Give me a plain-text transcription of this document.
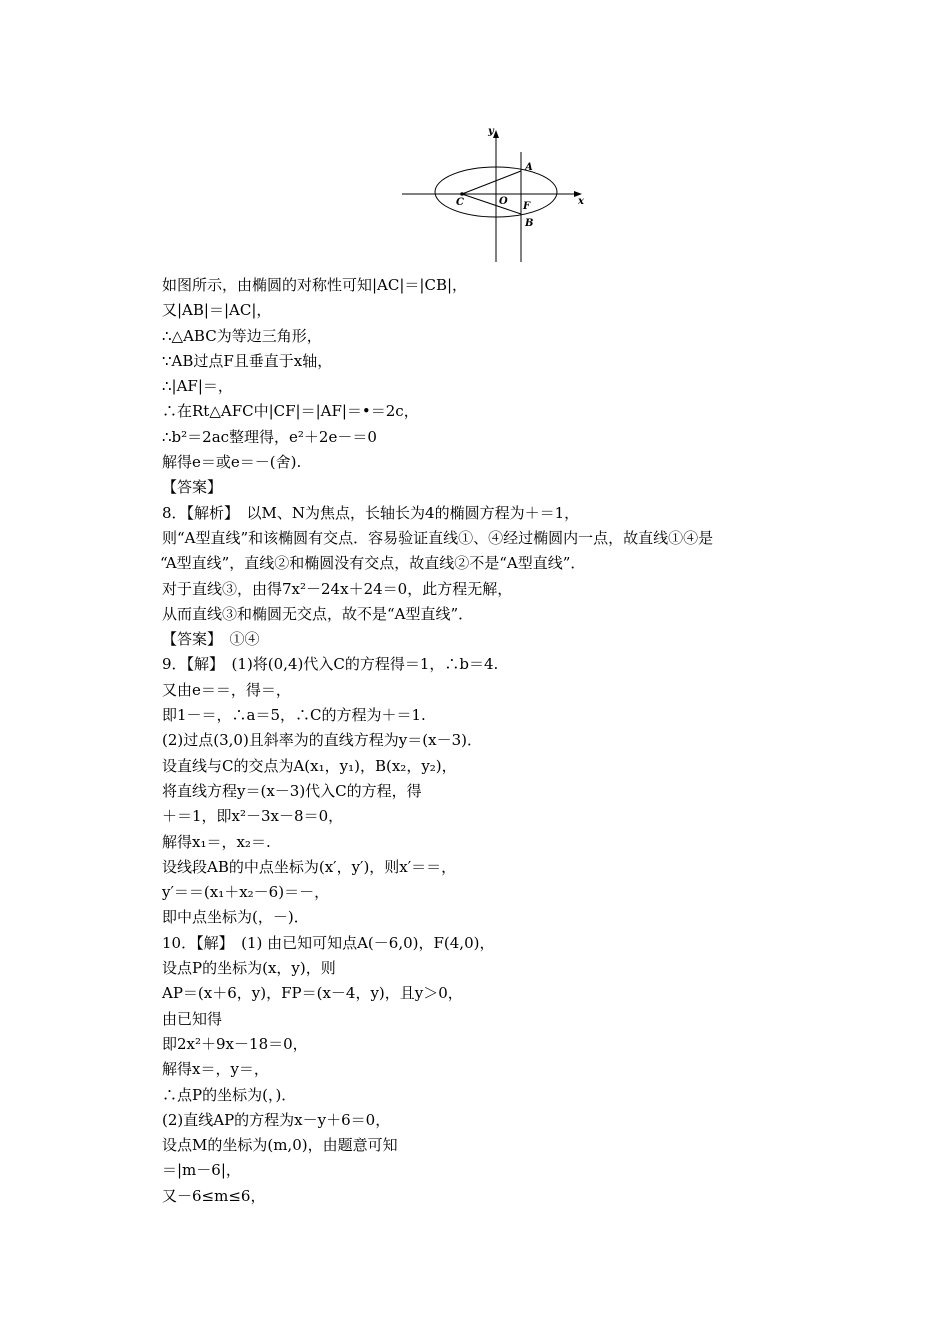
y
x
A
B
C	O F
如图所示，由椭圆的对称性可知|AC|＝|CB|，
又|AB|＝|AC|，
∴△ABC为等边三角形，
∵AB过点F且垂直于x轴，
∴|AF|＝，
∴在Rt△AFC中|CF|＝|AF|＝•＝2c，
∴b²＝2ac整理得，e²＋2e－＝0
解得e＝或e＝－(舍).
【答案】
8．【解析】　以M、N为焦点，长轴长为4的椭圆方程为＋＝1，
则“A型直线”和该椭圆有交点．容易验证直线①、④经过椭圆内一点，故直线①④是
“A型直线”，直线②和椭圆没有交点，故直线②不是“A型直线”．
对于直线③，由得7x²－24x＋24＝0，此方程无解，
从而直线③和椭圆无交点，故不是“A型直线”．
【答案】　①④
9．【解】　(1)将(0,4)代入C的方程得＝1，∴b＝4.
又由e＝＝，得＝，
即1－＝，∴a＝5，∴C的方程为＋＝1.
(2)过点(3,0)且斜率为的直线方程为y＝(x－3)．
设直线与C的交点为A(x₁，y₁)，B(x₂，y₂)，
将直线方程y＝(x－3)代入C的方程，得
＋＝1，即x²－3x－8＝0，
解得x₁＝，x₂＝.
设线段AB的中点坐标为(x′，y′)，则x′＝＝，
y′＝＝(x₁＋x₂－6)＝－，
即中点坐标为(，－)．
10．【解】　(1) 由已知可知点A(－6,0)，F(4,0)，
设点P的坐标为(x，y)，则
AP＝(x＋6，y)，FP＝(x－4，y)，且y＞0，
由已知得
即2x²＋9x－18＝0，
解得x＝，y＝，
∴点P的坐标为(，)．
(2)直线AP的方程为x－y＋6＝0，
设点M的坐标为(m,0)，由题意可知
＝|m－6|，
又－6≤m≤6，
